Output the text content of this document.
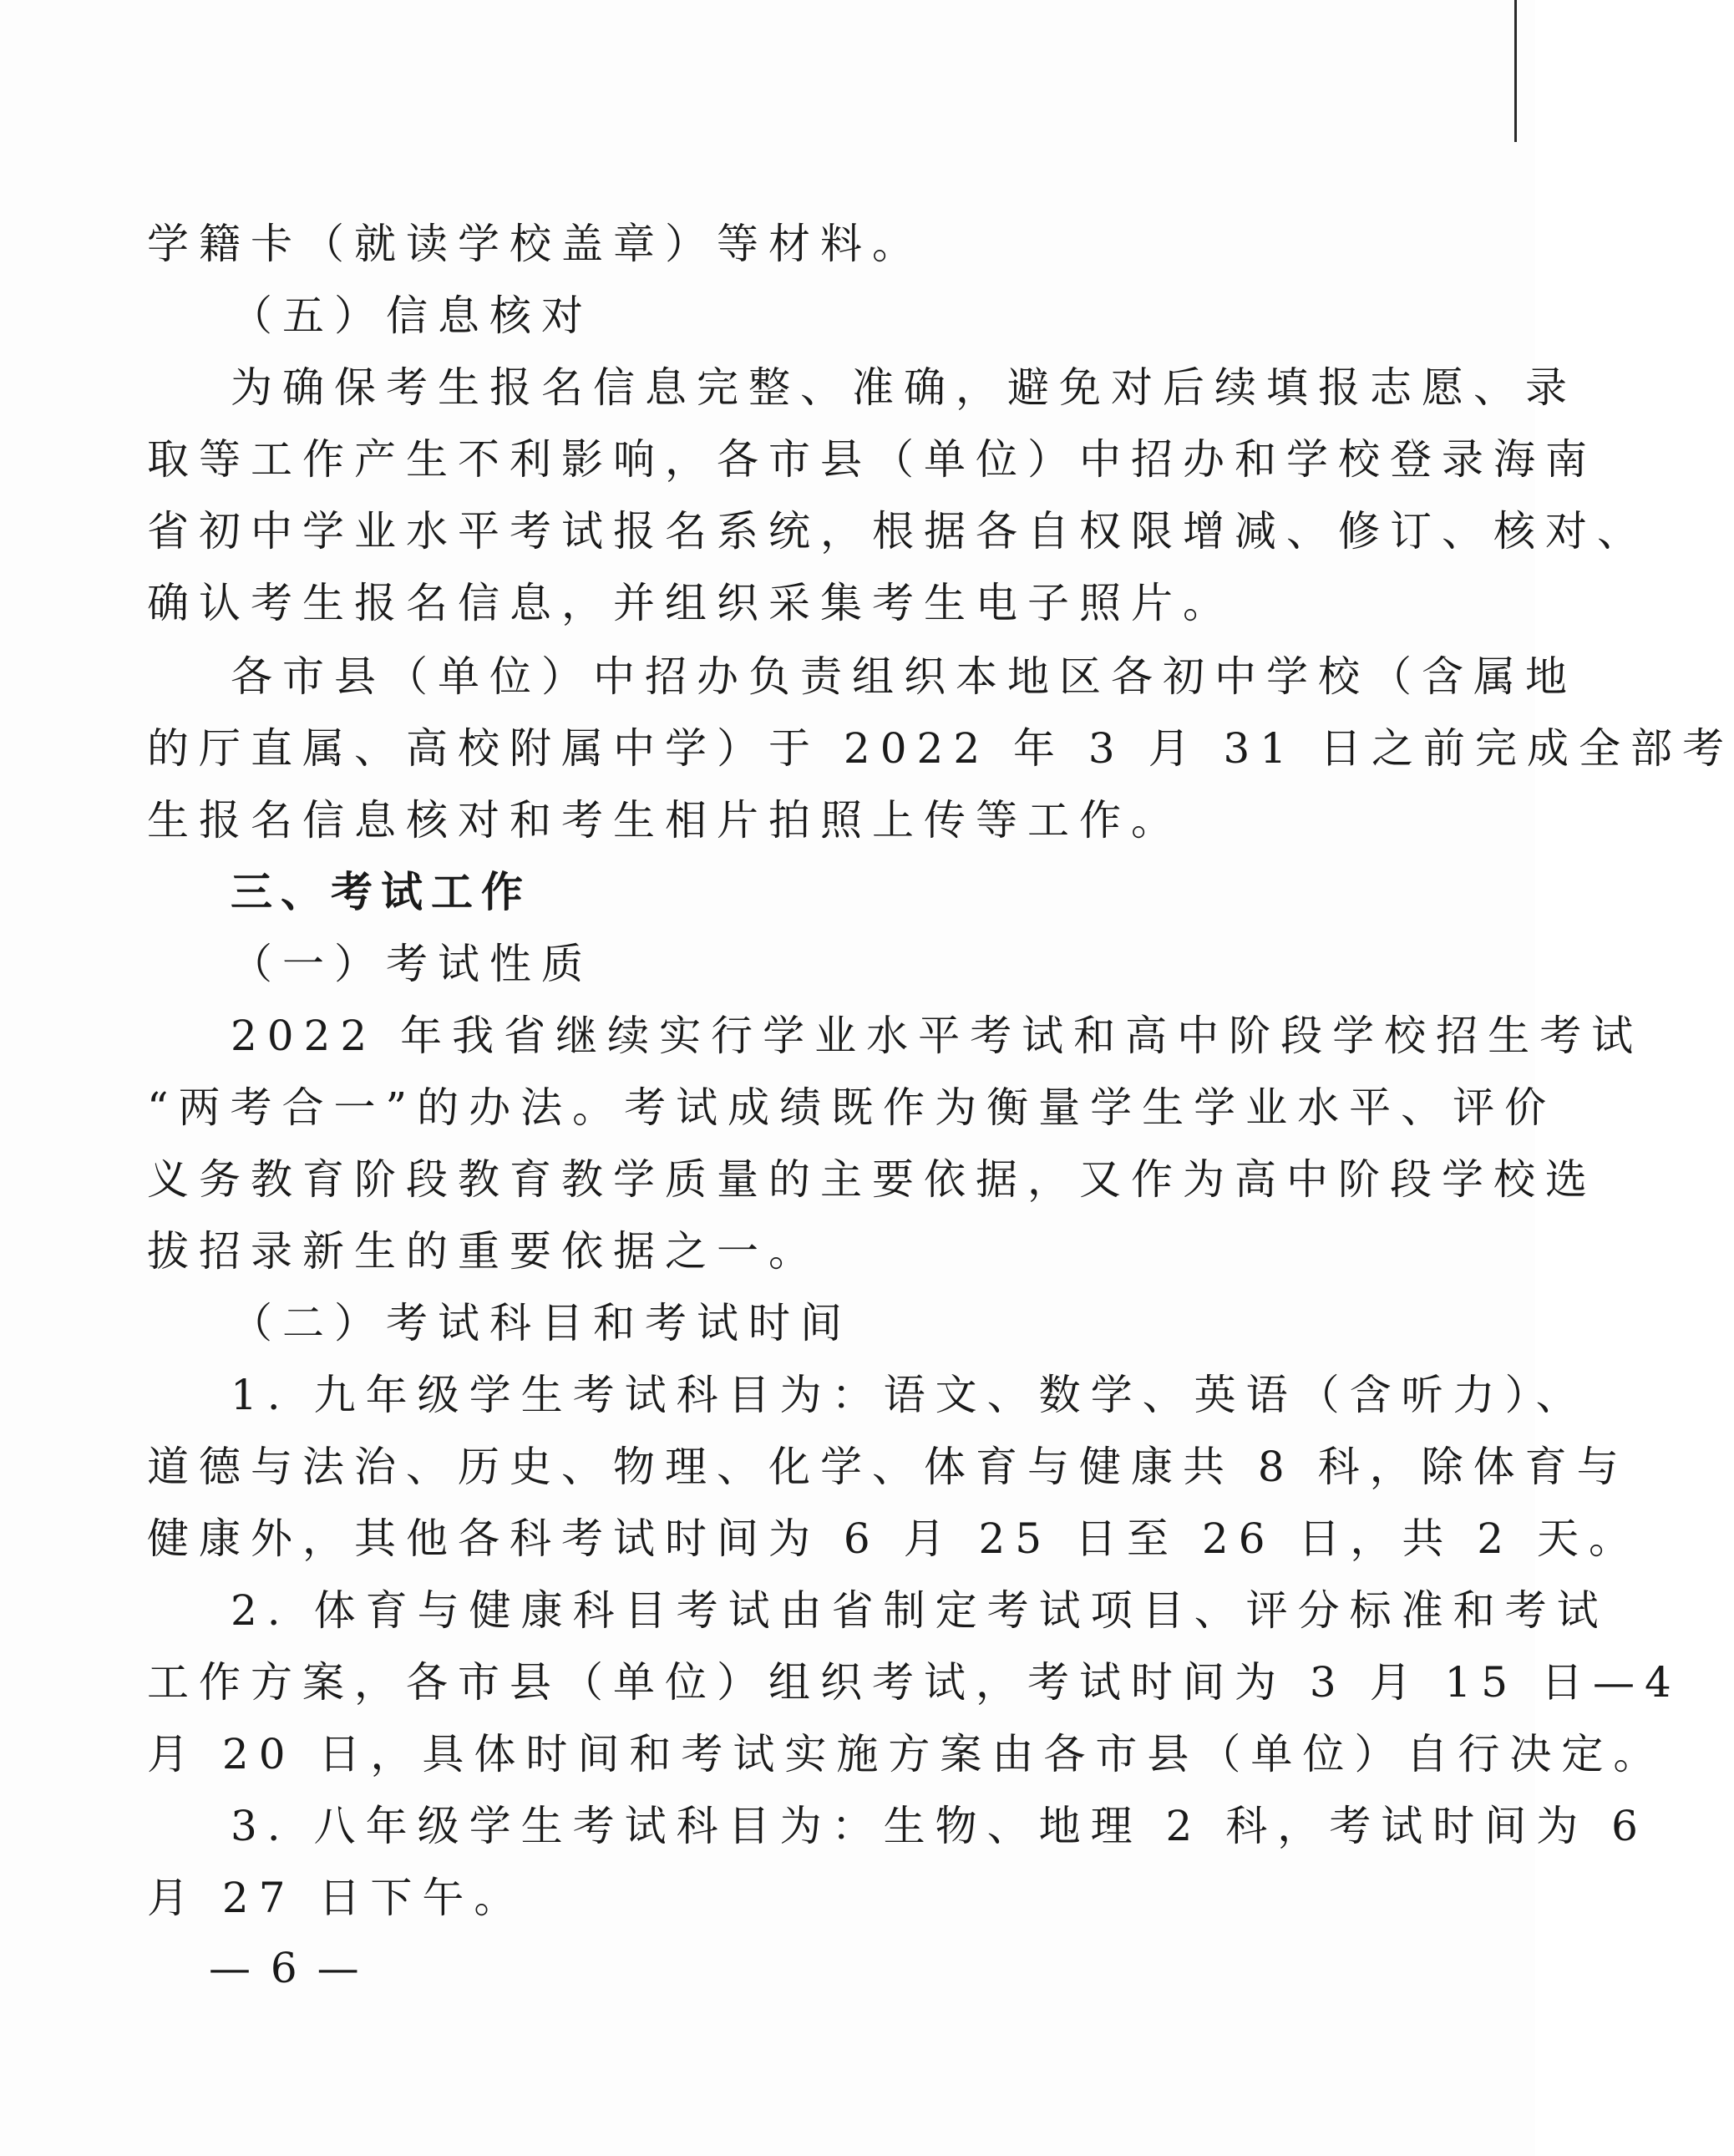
学籍卡（就读学校盖章）等材料。
（五）信息核对
为确保考生报名信息完整、准确，避免对后续填报志愿、录
取等工作产生不利影响，各市县（单位）中招办和学校登录海南
省初中学业水平考试报名系统，根据各自权限增减、修订、核对、
确认考生报名信息，并组织采集考生电子照片。
各市县（单位）中招办负责组织本地区各初中学校（含属地
的厅直属、高校附属中学）于 2022 年 3 月 31 日之前完成全部考
生报名信息核对和考生相片拍照上传等工作。
三、考试工作
（一）考试性质
2022 年我省继续实行学业水平考试和高中阶段学校招生考试
“两考合一”的办法。考试成绩既作为衡量学生学业水平、评价
义务教育阶段教育教学质量的主要依据，又作为高中阶段学校选
拔招录新生的重要依据之一。
（二）考试科目和考试时间
1. 九年级学生考试科目为：语文、数学、英语（含听力）、
道德与法治、历史、物理、化学、体育与健康共 8 科，除体育与
健康外，其他各科考试时间为 6 月 25 日至 26 日，共 2 天。
2. 体育与健康科目考试由省制定考试项目、评分标准和考试
工作方案，各市县（单位）组织考试，考试时间为 3 月 15 日—4
月 20 日，具体时间和考试实施方案由各市县（单位）自行决定。
3. 八年级学生考试科目为：生物、地理 2 科，考试时间为 6
月 27 日下午。
— 6 —
